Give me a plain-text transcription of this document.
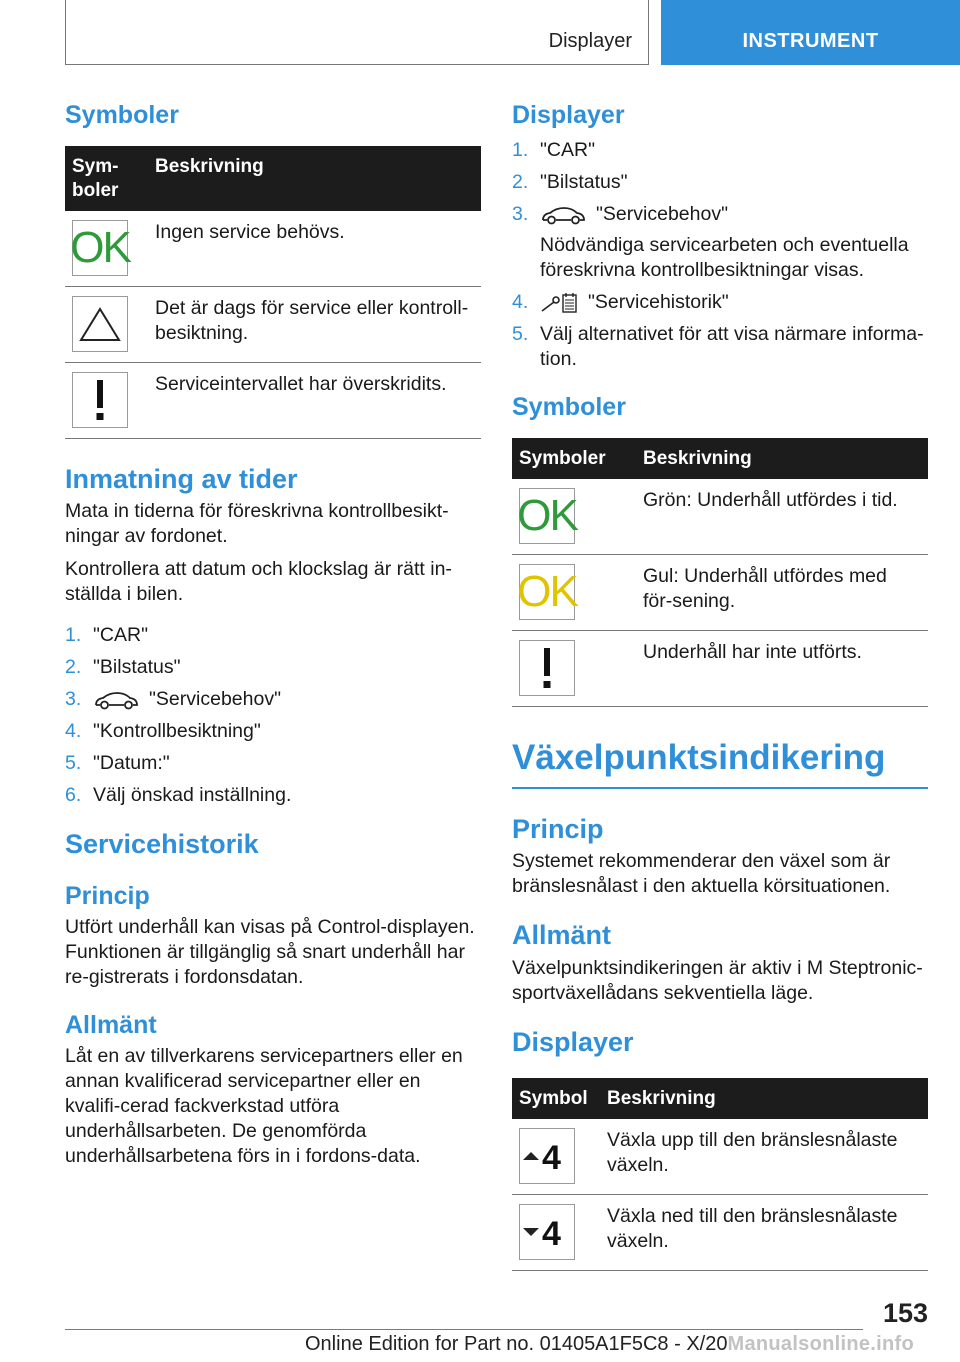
Displayer	INSTRUMENT
Symboler
Sym-
boler	Beskrivning

OK	Ingen service behövs.

	Det är dags för service eller kontroll-besiktning.

	Serviceintervallet har överskridits.
Inmatning av tider

Mata in tiderna för föreskrivna kontrollbesikt-ningar av fordonet.

Kontrollera att datum och klockslag är rätt in-ställda i bilen.

1. "CAR"
2. "Bilstatus"
3.	"Servicebehov"
4. "Kontrollbesiktning"
5. "Datum:"
6. Välj önskad inställning.
Servicehistorik
Princip

Utfört underhåll kan visas på Control-displayen. Funktionen är tillgänglig så snart underhåll har re-gistrerats i fordonsdatan.

Allmänt

Låt en av tillverkarens servicepartners eller en annan kvalificerad servicepartner eller en kvalifi-cerad fackverkstad utföra underhållsarbeten. De genomförda underhållsarbetena förs in i fordons-data.

Displayer
1. "CAR"
2. "Bilstatus"
3.	"Servicebehov"
Nödvändiga servicearbeten och eventuella föreskrivna kontrollbesiktningar visas.
4.	"Servicehistorik"
5. Välj alternativet för att visa närmare informa-tion.
Symboler
Symboler	Beskrivning

OK	Grön: Underhåll utfördes i tid.

OK	Gul: Underhåll utfördes med för-sening.

	Underhåll har inte utförts.
Växelpunktsindikering
Princip

Systemet rekommenderar den växel som är bränslesnålast i den aktuella körsituationen.

Allmänt

Växelpunktsindikeringen är aktiv i M Steptronic-sportväxellådans sekventiella läge.

Displayer
Symbol	Beskrivning

4	Växla upp till den bränslesnålaste växeln.

4	Växla ned till den bränslesnålaste växeln.
153
Online Edition for Part no. 01405A1F5C8 - X/20Manualsonline.info
